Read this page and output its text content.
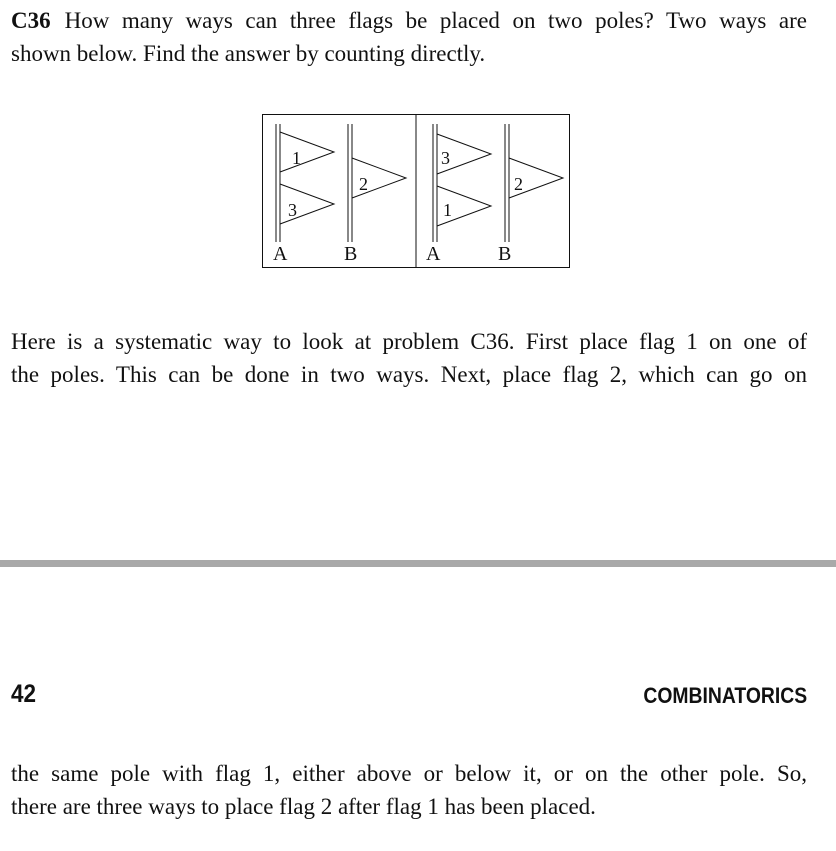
C36 How many ways can three flags be placed on two poles? Two ways are

shown below. Find the answer by counting directly.

1
3
2
A	B
3
1
2
A	B

Here is a systematic way to look at problem C36. First place flag 1 on one of

the poles. This can be done in two ways. Next, place flag 2, which can go on

42	COMBINATORICS

the same pole with flag 1, either above or below it, or on the other pole. So,

there are three ways to place flag 2 after flag 1 has been placed.
